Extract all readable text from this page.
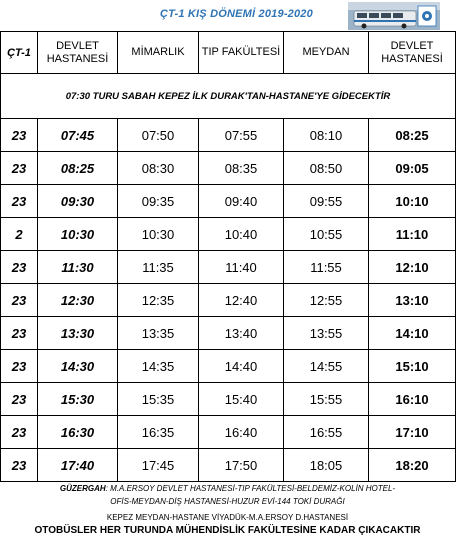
ÇT-1 KIŞ DÖNEMİ 2019-2020
ÇT-1	DEVLET HASTANESİ	MİMARLIK	TIP FAKÜLTESİ	MEYDAN	DEVLET HASTANESİ
07:30 TURU SABAH KEPEZ İLK DURAK'TAN-HASTANE'YE GİDECEKTİR					
23	07:45	07:50	07:55	08:10	08:25
23	08:25	08:30	08:35	08:50	09:05
23	09:30	09:35	09:40	09:55	10:10
2	10:30	10:30	10:40	10:55	11:10
23	11:30	11:35	11:40	11:55	12:10
23	12:30	12:35	12:40	12:55	13:10
23	13:30	13:35	13:40	13:55	14:10
23	14:30	14:35	14:40	14:55	15:10
23	15:30	15:35	15:40	15:55	16:10
23	16:30	16:35	16:40	16:55	17:10
23	17:40	17:45	17:50	18:05	18:20
GÜZERGAH: M.A.ERSOY DEVLET HASTANESİ-TIP FAKÜLTESİ-BELDEMİZ-KOLİN HOTEL-
OFİS-MEYDAN-DİŞ HASTANESİ-HUZUR EVİ-144 TOKİ DURAĞI
KEPEZ MEYDAN-HASTANE VİYADÜK-M.A.ERSOY D.HASTANESİ
OTOBÜSLER HER TURUNDA MÜHENDİSLİK FAKÜLTESİNE KADAR ÇIKACAKTIR
